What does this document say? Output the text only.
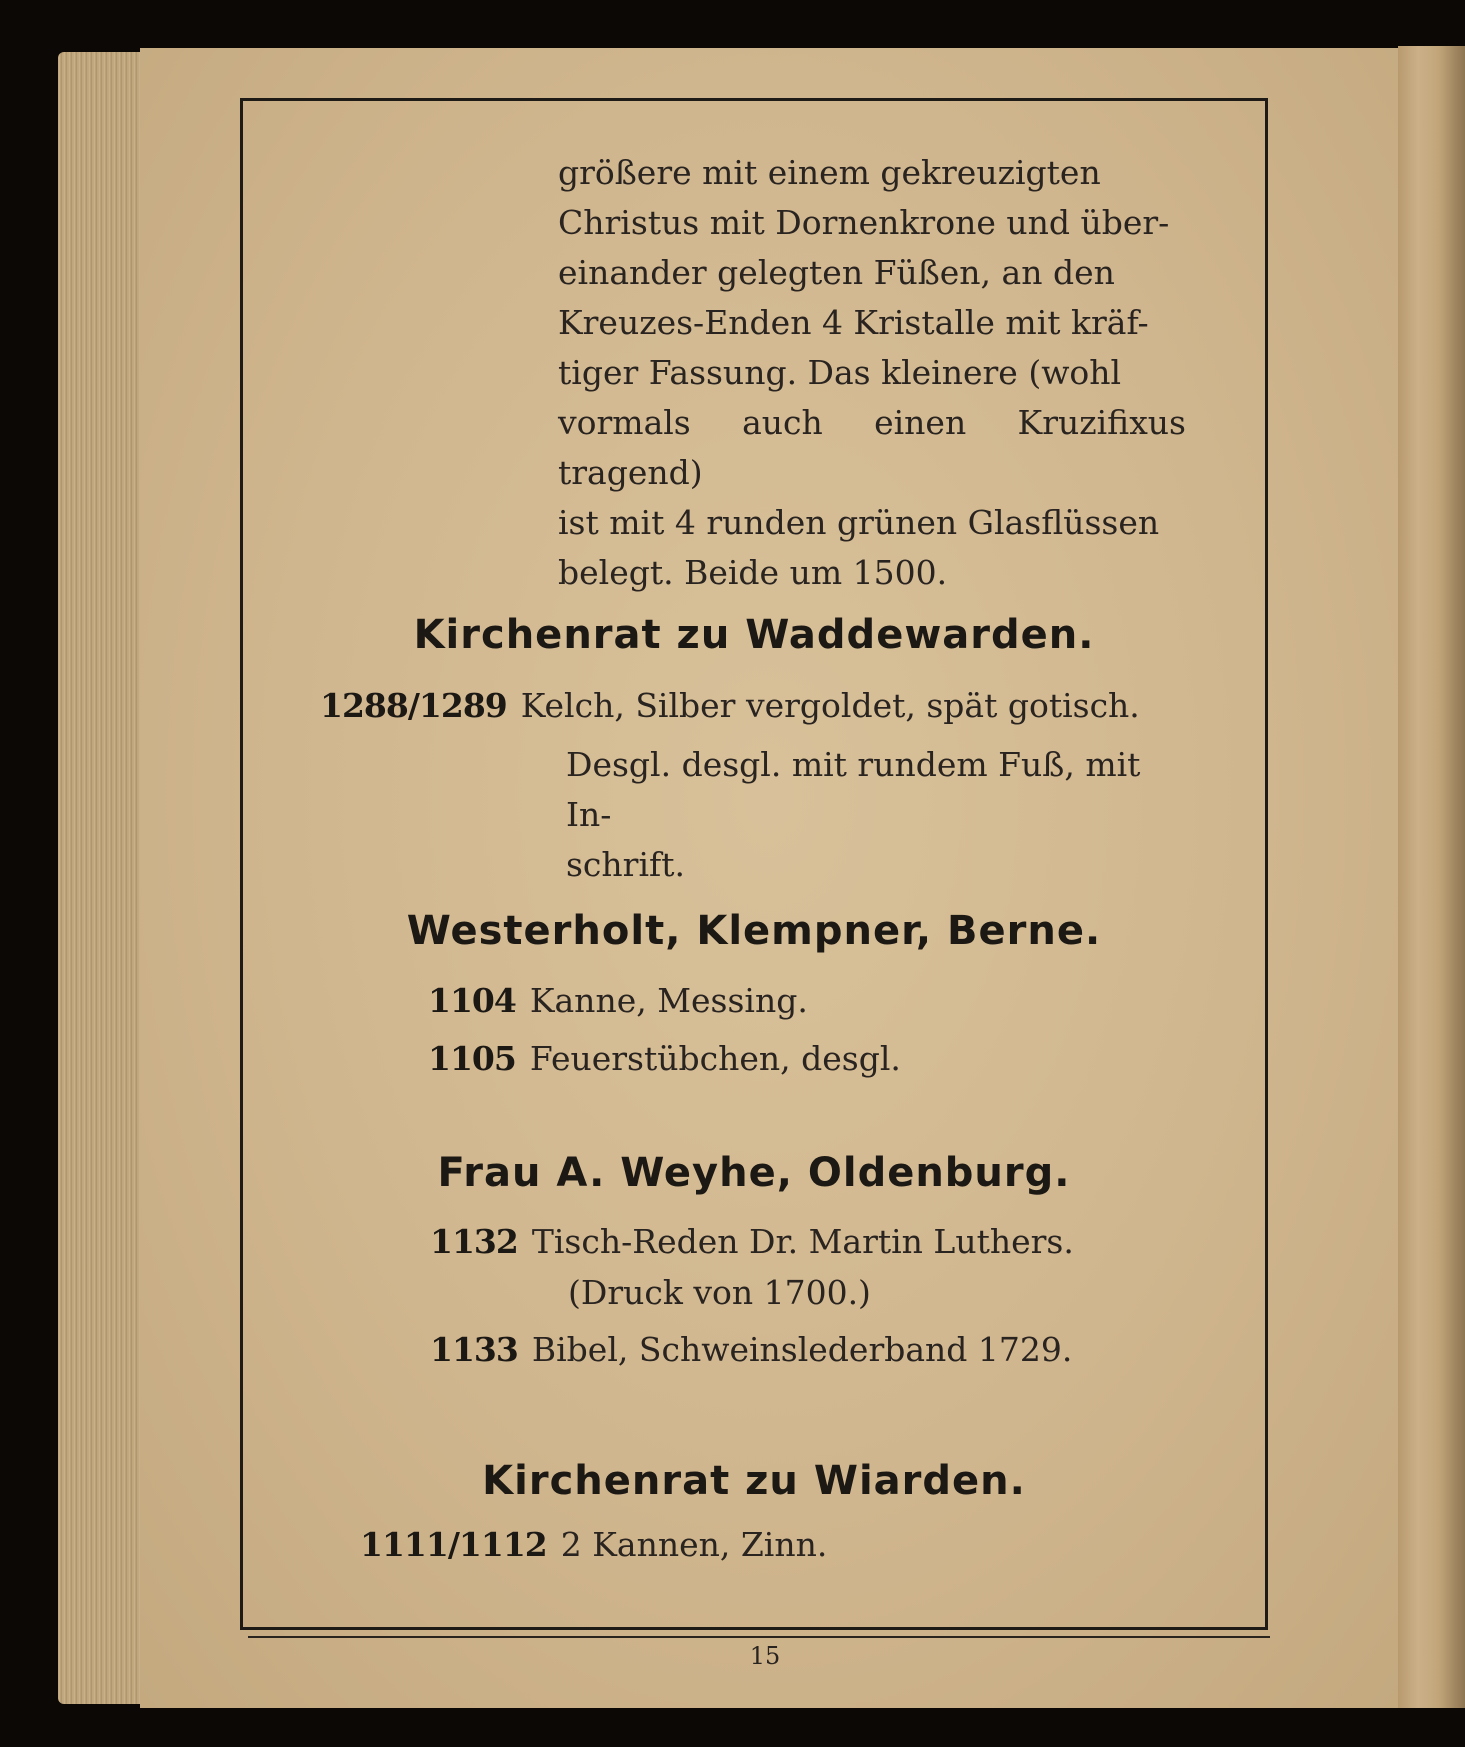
größere mit einem gekreuzigten
Christus mit Dornenkrone und über-
einander gelegten Füßen, an den
Kreuzes-Enden 4 Kristalle mit kräf-
tiger Fassung. Das kleinere (wohl
vormals auch einen Kruzifixus tragend)
ist mit 4 runden grünen Glasflüssen
belegt. Beide um 1500.
Kirchenrat zu Waddewarden.
1288/1289 Kelch, Silber vergoldet, spät gotisch.
Desgl. desgl. mit rundem Fuß, mit In-
schrift.
Westerholt, Klempner, Berne.
1104 Kanne, Messing.
1105 Feuerstübchen, desgl.
Frau A. Weyhe, Oldenburg.
1132 Tisch-Reden Dr. Martin Luthers.
(Druck von 1700.)
1133 Bibel, Schweinslederband 1729.
Kirchenrat zu Wiarden.
1111/1112 2 Kannen, Zinn.
15
